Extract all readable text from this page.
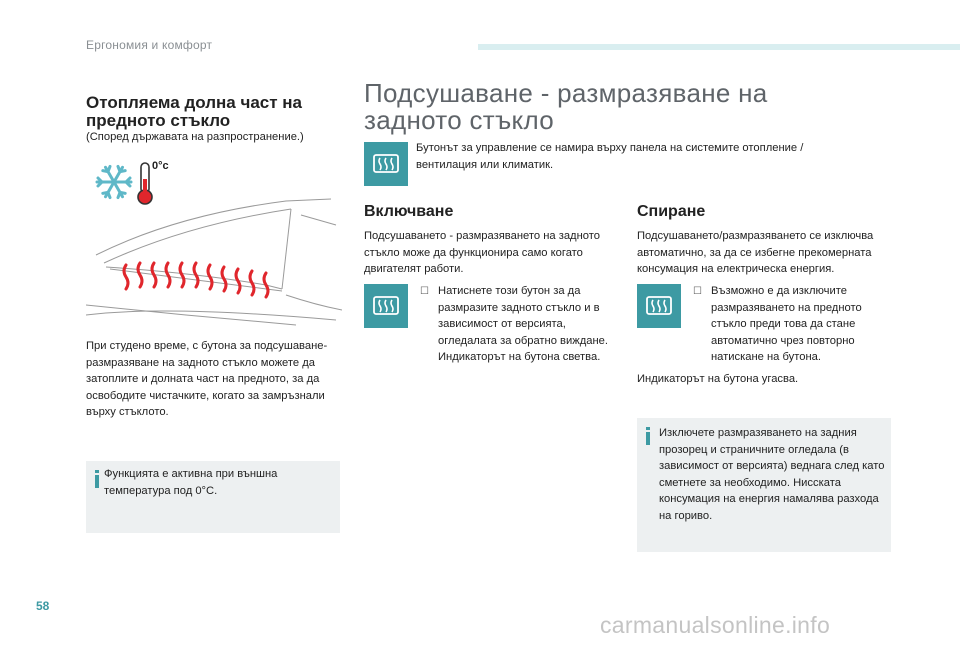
Ергономия и комфорт
Отопляема долна част на предното стъкло
(Според държавата на разпространение.)
0°c
При студено време, с бутона за подсушаване-размразяване на задното стъкло можете да затоплите и долната част на предното, за да освободите чистачките, когато за замръзнали върху стъклото.
Функцията е активна при външна температура под 0°C.
Подсушаване - размразяване на задното стъкло
Бутонът за управление се намира върху панела на системите отопление / вентилация или климатик.
Включване
Подсушаването - размразяването на задното стъкло може да функционира само когато двигателят работи.
☐ Натиснете този бутон за да размразите задното стъкло и в зависимост от версията, огледалата за обратно виждане. Индикаторът на бутона светва.
Спиране
Подсушаването/размразяването се изключва автоматично, за да се избегне прекомерната консумация на електрическа енергия.
☐ Възможно е да изключите размразяването на предното стъкло преди това да стане автоматично чрез повторно натискане на бутона.
Индикаторът на бутона угасва.
Изключете размразяването на задния прозорец и страничните огледала (в зависимост от версията) веднага след като сметнете за необходимо. Нисската консумация на енергия намалява разхода на гориво.
58
carmanualsonline.info
